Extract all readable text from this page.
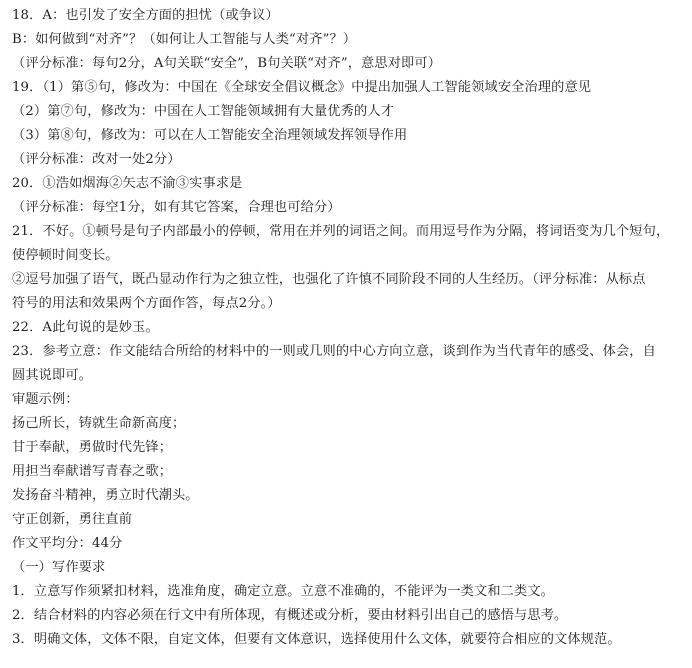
18．A：也引发了安全方面的担忧（或争议）
B：如何做到“对齐”？（如何让人工智能与人类“对齐”？）
（评分标准：每句2分，A句关联“安全”，B句关联“对齐”，意思对即可）
19．（1）第⑤句，修改为：中国在《全球安全倡议概念》中提出加强人工智能领域安全治理的意见
（2）第⑦句，修改为：中国在人工智能领域拥有大量优秀的人才
（3）第⑧句，修改为：可以在人工智能安全治理领域发挥领导作用
（评分标准：改对一处2分）
20．①浩如烟海②矢志不渝③实事求是
（评分标准：每空1分，如有其它答案，合理也可给分）
21．不好。①顿号是句子内部最小的停顿，常用在并列的词语之间。而用逗号作为分隔，将词语变为几个短句，
使停顿时间变长。
②逗号加强了语气，既凸显动作行为之独立性，也强化了许慎不同阶段不同的人生经历。（评分标准：从标点
符号的用法和效果两个方面作答，每点2分。）
22．A此句说的是妙玉。
23．参考立意：作文能结合所给的材料中的一则或几则的中心方向立意，谈到作为当代青年的感受、体会，自
圆其说即可。
审题示例：
扬己所长，铸就生命新高度；
甘于奉献，勇做时代先锋；
用担当奉献谱写青春之歌；
发扬奋斗精神，勇立时代潮头。
守正创新，勇往直前
作文平均分：44分
（一）写作要求
1．立意写作须紧扣材料，选准角度，确定立意。立意不准确的，不能评为一类文和二类文。
2．结合材料的内容必须在行文中有所体现，有概述或分析，要由材料引出自己的感悟与思考。
3．明确文体，文体不限，自定文体，但要有文体意识，选择使用什么文体，就要符合相应的文体规范。
